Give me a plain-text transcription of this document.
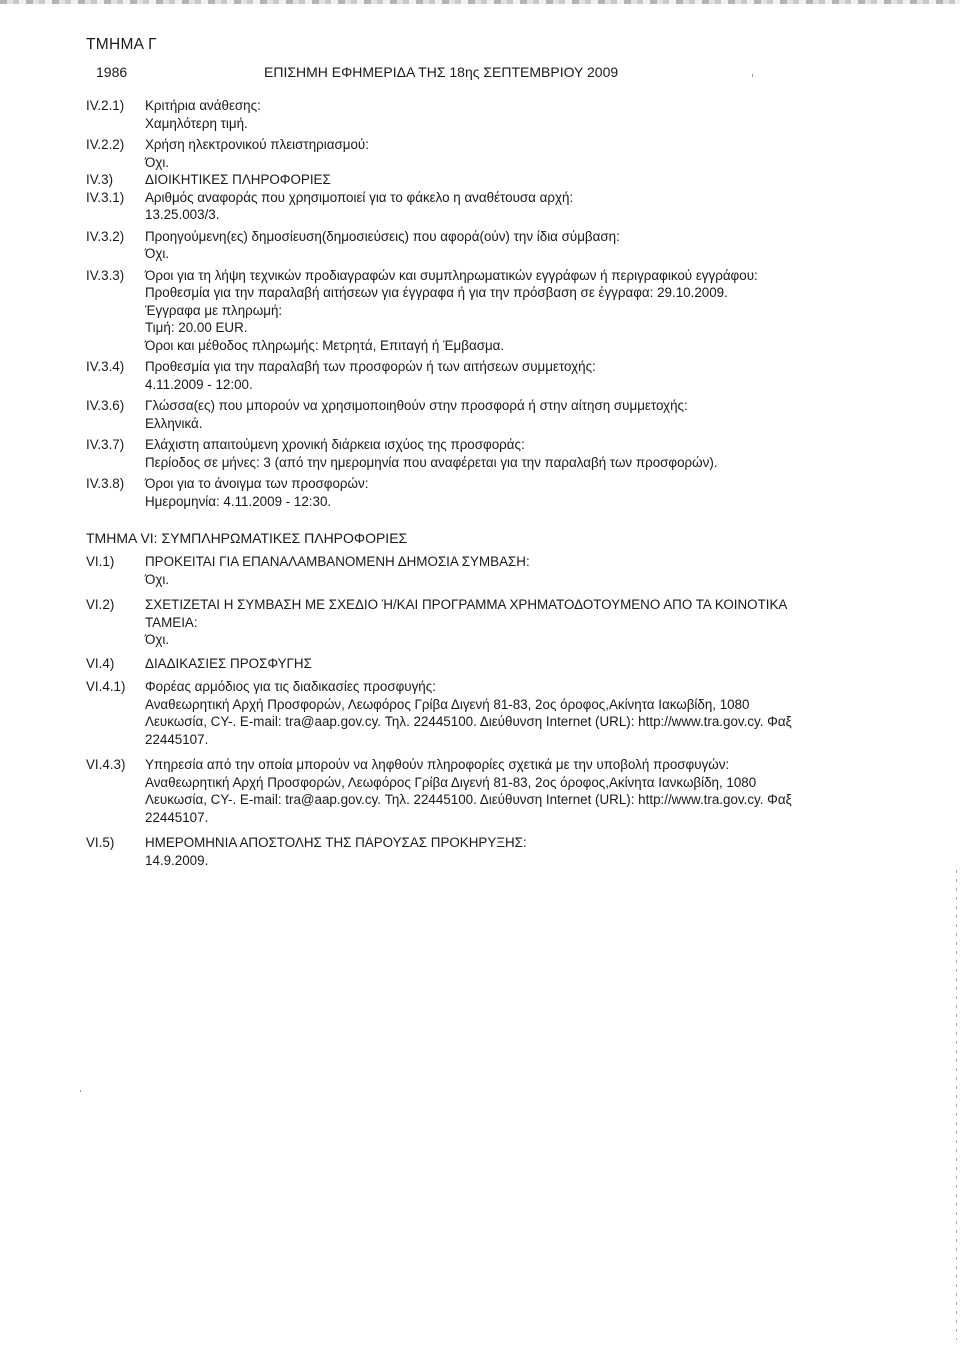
ΤΜΗΜΑ Γ
1986	ΕΠΙΣΗΜΗ ΕΦΗΜΕΡΙΔΑ ΤΗΣ 18ης ΣΕΠΤΕΜΒΡΙΟΥ 2009
IV.2.1) Κριτήρια ανάθεσης:
Χαμηλότερη τιμή.
IV.2.2) Χρήση ηλεκτρονικού πλειστηριασμού:
Όχι.
IV.3) ΔΙΟΙΚΗΤΙΚΕΣ ΠΛΗΡΟΦΟΡΙΕΣ
IV.3.1) Αριθμός αναφοράς που χρησιμοποιεί για το φάκελο η αναθέτουσα αρχή:
13.25.003/3.
IV.3.2) Προηγούμενη(ες) δημοσίευση(δημοσιεύσεις) που αφορά(ούν) την ίδια σύμβαση:
Όχι.
IV.3.3) Όροι για τη λήψη τεχνικών προδιαγραφών και συμπληρωματικών εγγράφων ή περιγραφικού εγγράφου:
Προθεσμία για την παραλαβή αιτήσεων για έγγραφα ή για την πρόσβαση σε έγγραφα: 29.10.2009.
Έγγραφα με πληρωμή:
Τιμή: 20.00 EUR.
Όροι και μέθοδος πληρωμής: Μετρητά, Επιταγή ή Έμβασμα.
IV.3.4) Προθεσμία για την παραλαβή των προσφορών ή των αιτήσεων συμμετοχής:
4.11.2009 - 12:00.
IV.3.6) Γλώσσα(ες) που μπορούν να χρησιμοποιηθούν στην προσφορά ή στην αίτηση συμμετοχής:
Ελληνικά.
IV.3.7) Ελάχιστη απαιτούμενη χρονική διάρκεια ισχύος της προσφοράς:
Περίοδος σε μήνες: 3 (από την ημερομηνία που αναφέρεται για την παραλαβή των προσφορών).
IV.3.8) Όροι για το άνοιγμα των προσφορών:
Ημερομηνία: 4.11.2009 - 12:30.
ΤΜΗΜΑ VI: ΣΥΜΠΛΗΡΩΜΑΤΙΚΕΣ ΠΛΗΡΟΦΟΡΙΕΣ
VI.1) ΠΡΟΚΕΙΤΑΙ ΓΙΑ ΕΠΑΝΑΛΑΜΒΑΝΟΜΕΝΗ ΔΗΜΟΣΙΑ ΣΥΜΒΑΣΗ:
Όχι.
VI.2) ΣΧΕΤΙΖΕΤΑΙ Η ΣΥΜΒΑΣΗ ΜΕ ΣΧΕΔΙΟ Ή/ΚΑΙ ΠΡΟΓΡΑΜΜΑ ΧΡΗΜΑΤΟΔΟΤΟΥΜΕΝΟ ΑΠΟ ΤΑ ΚΟΙΝΟΤΙΚΑ
ΤΑΜΕΙΑ:
Όχι.
VI.4) ΔΙΑΔΙΚΑΣΙΕΣ ΠΡΟΣΦΥΓΗΣ
VI.4.1) Φορέας αρμόδιος για τις διαδικασίες προσφυγής:
Αναθεωρητική Αρχή Προσφορών, Λεωφόρος Γρίβα Διγενή 81-83, 2ος όροφος,Ακίνητα Ιακωβίδη, 1080
Λευκωσία, CY-. E-mail: tra@aap.gov.cy. Τηλ. 22445100. Διεύθυνση Internet (URL): http://www.tra.gov.cy. Φαξ
22445107.
VI.4.3) Υπηρεσία από την οποία μπορούν να ληφθούν πληροφορίες σχετικά με την υποβολή προσφυγών:
Αναθεωρητική Αρχή Προσφορών, Λεωφόρος Γρίβα Διγενή 81-83, 2ος όροφος,Ακίνητα Ιανκωβίδη, 1080
Λευκωσία, CY-. E-mail: tra@aap.gov.cy. Τηλ. 22445100. Διεύθυνση Internet (URL): http://www.tra.gov.cy. Φαξ
22445107.
VI.5) ΗΜΕΡΟΜΗΝΙΑ ΑΠΟΣΤΟΛΗΣ ΤΗΣ ΠΑΡΟΥΣΑΣ ΠΡΟΚΗΡΥΞΗΣ:
14.9.2009.
